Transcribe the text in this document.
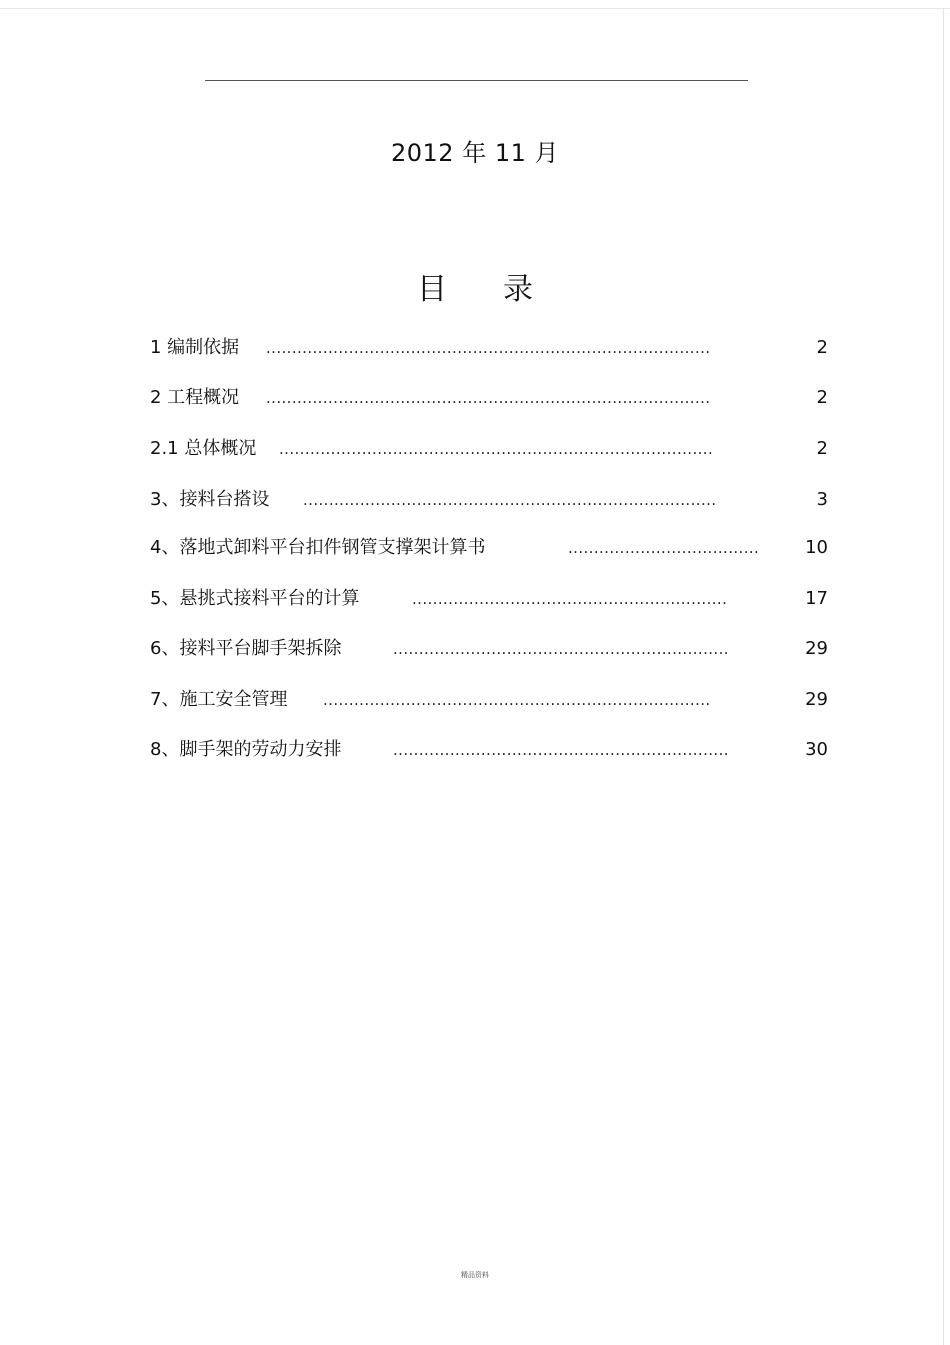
2012 年 11 月
目 录
1 编制依据 ......................................................................................	2
2 工程概况 ......................................................................................	2
2.1 总体概况 ....................................................................................	2
3、接料台搭设 ................................................................................	3
4、落地式卸料平台扣件钢管支撑架计算书	.....................................	10
5、悬挑式接料平台的计算	.............................................................	17
6、接料平台脚手架拆除	.................................................................	29
7、施工安全管理 ...........................................................................	29
8、脚手架的劳动力安排	.................................................................	30
精品资料
